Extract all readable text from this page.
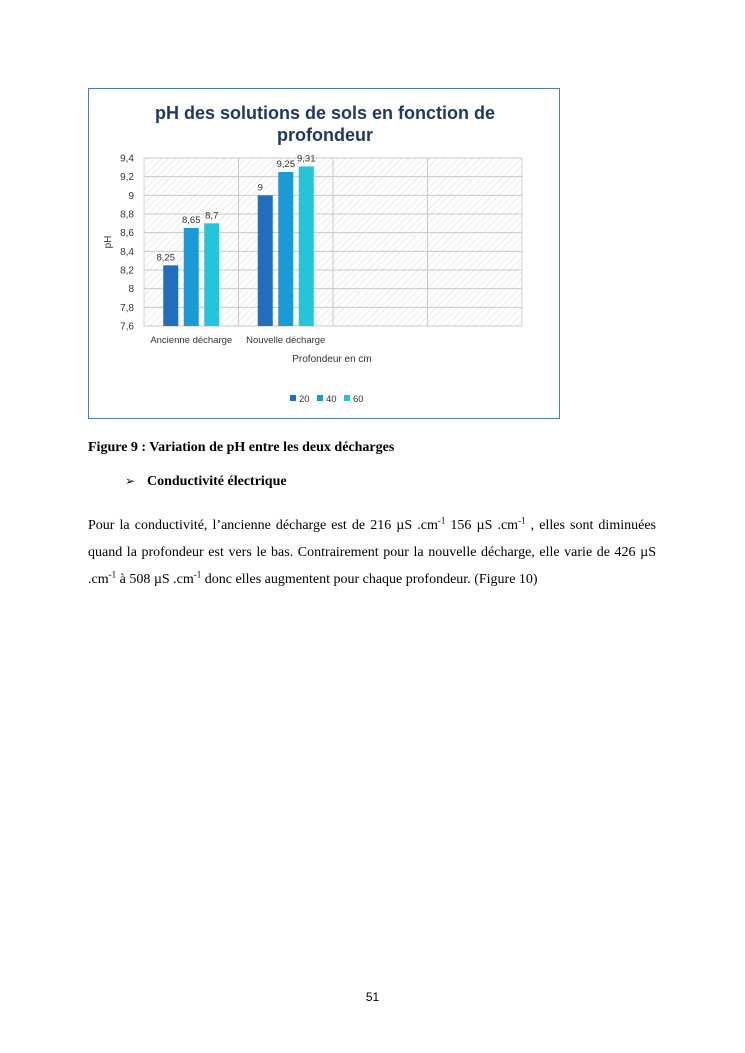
7,6
7,8
8
8,2
8,4
8,6
8,8
9
9,2
9,4
8,25
8,65 8,7
9
9,25
9,31
Ancienne décharge Nouvelle décharge
pH des solutions de sols en fonction de
profondeur
pH
Profondeur en cm
20 40 60
Figure 9 : Variation de pH entre les deux décharges
➢ Conductivité électrique
Pour la conductivité, l’ancienne décharge est de 216 µS $.cm^{-1}$ 156 µS $.cm^{-1}$ , elles sont diminuées quand la profondeur est vers le bas. Contrairement pour la nouvelle décharge, elle varie de 426 µS $.cm^{-1}$ à 508 µS $.cm^{-1}$ donc elles augmentent pour chaque profondeur. (Figure 10)
51
